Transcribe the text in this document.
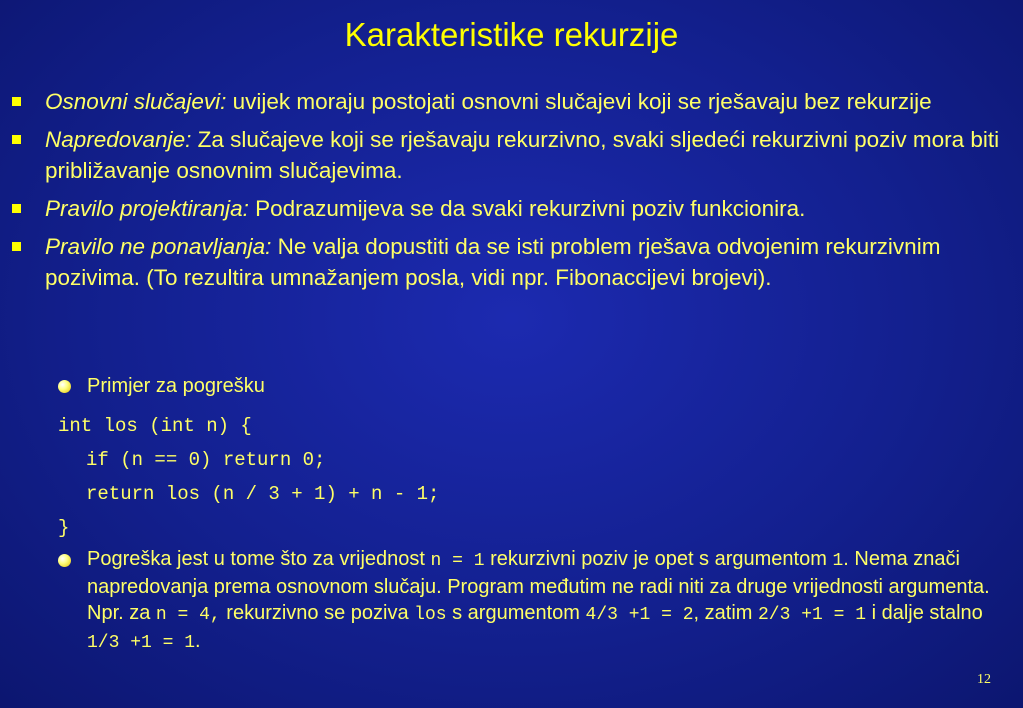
Karakteristike rekurzije
Osnovni slučajevi: uvijek moraju postojati osnovni slučajevi koji se rješavaju bez rekurzije
Napredovanje: Za slučajeve koji se rješavaju rekurzivno, svaki sljedeći rekurzivni poziv mora biti približavanje osnovnim slučajevima.
Pravilo projektiranja: Podrazumijeva se da svaki rekurzivni poziv funkcionira.
Pravilo ne ponavljanja: Ne valja dopustiti da se isti problem rješava odvojenim rekurzivnim pozivima. (To rezultira umnažanjem posla, vidi npr. Fibonaccijevi brojevi).
Primjer za pogrešku
int los (int n) {
if (n == 0) return 0;
return los (n / 3 + 1) + n - 1;
}
Pogreška jest u tome što za vrijednost n = 1 rekurzivni poziv je opet s argumentom 1. Nema znači napredovanja prema osnovnom slučaju. Program međutim ne radi niti za druge vrijednosti argumenta. Npr. za n = 4, rekurzivno se poziva los s argumentom 4/3 +1 = 2, zatim 2/3 +1 = 1 i dalje stalno 1/3 +1 = 1.
12
